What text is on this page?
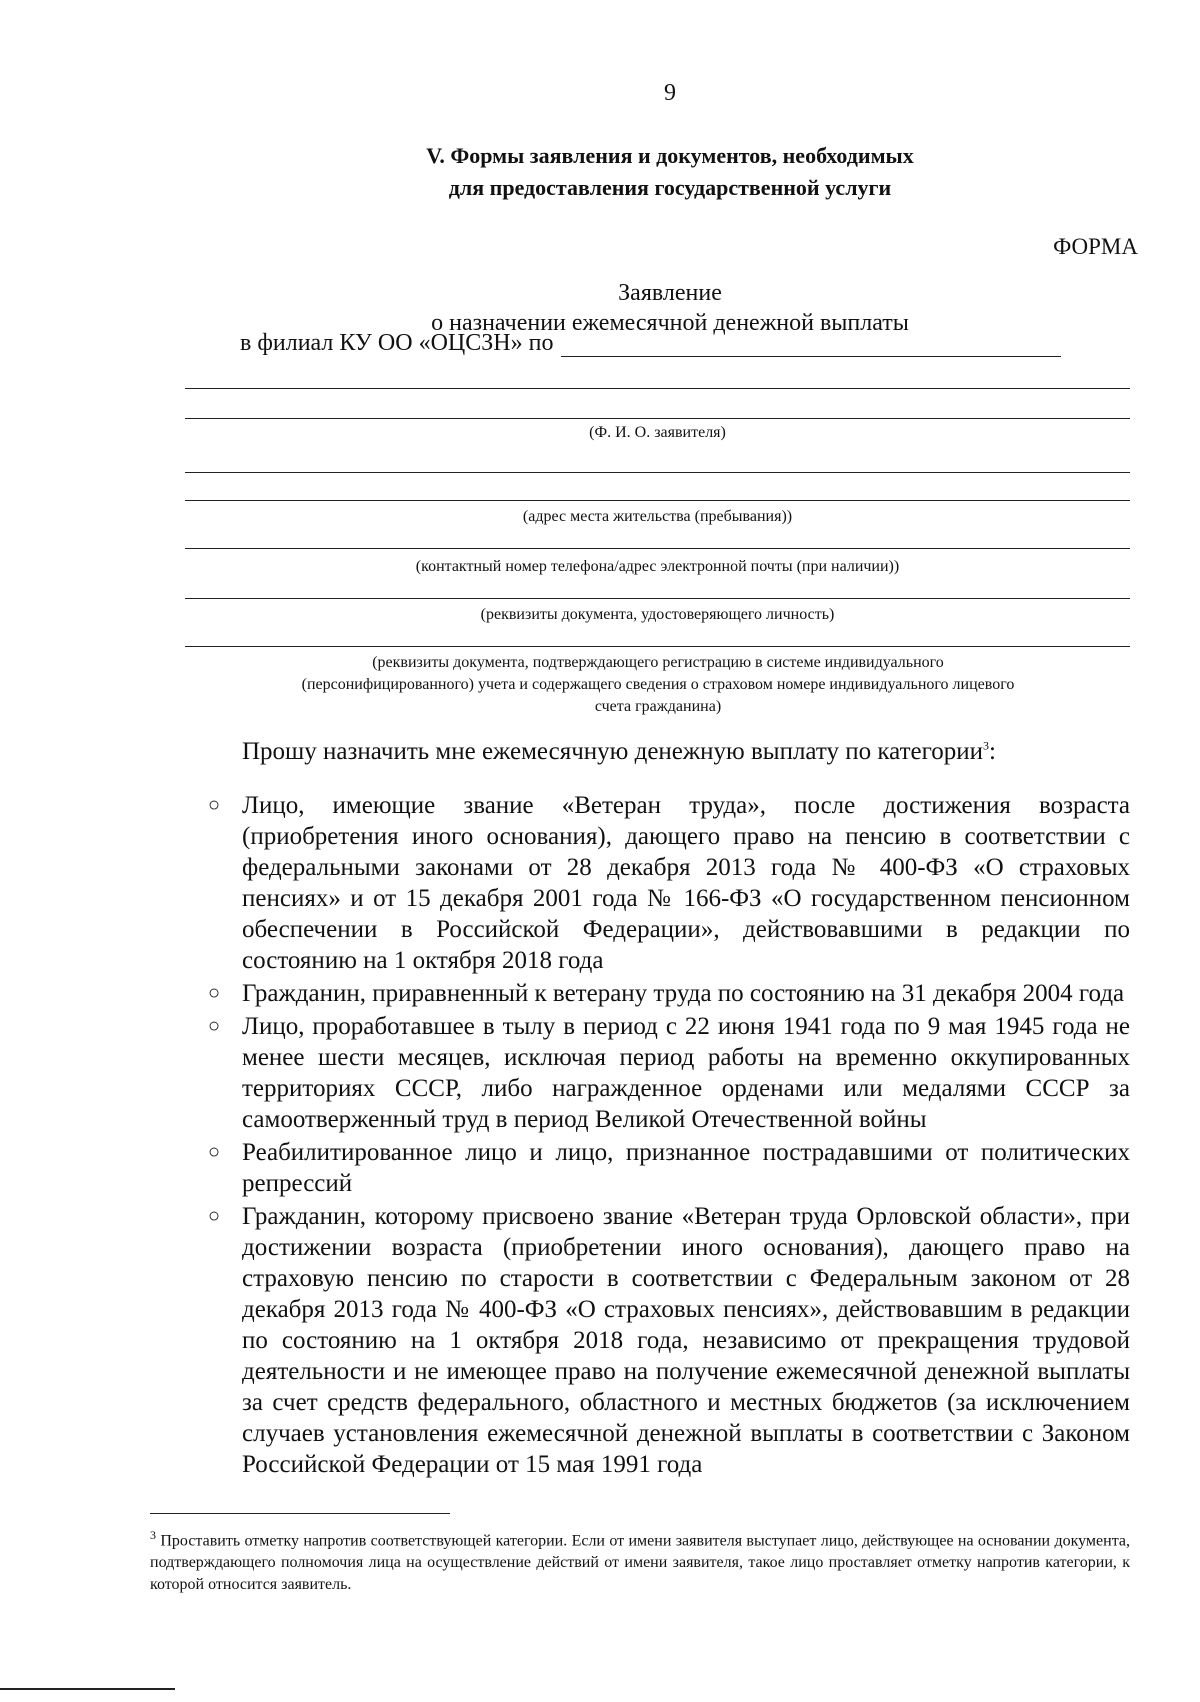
9
V. Формы заявления и документов, необходимых
для предоставления государственной услуги
ФОРМА
Заявление
о назначении ежемесячной денежной выплаты
в филиал КУ ОО «ОЦСЗН» по
(Ф. И. О. заявителя)
(адрес места жительства (пребывания))
(контактный номер телефона/адрес электронной почты (при наличии))
(реквизиты документа, удостоверяющего личность)
(реквизиты документа, подтверждающего регистрацию в системе индивидуального
(персонифицированного) учета и содержащего сведения о страховом номере индивидуального лицевого
счета гражданина)
Прошу назначить мне ежемесячную денежную выплату по категории$^3$:
○ Лицо, имеющие звание «Ветеран труда», после достижения возраста (приобретения иного основания), дающего право на пенсию в соответствии с федеральными законами от 28 декабря 2013 года № 400-ФЗ «О страховых пенсиях» и от 15 декабря 2001 года № 166-ФЗ «О государственном пенсионном обеспечении в Российской Федерации», действовавшими в редакции по состоянию на 1 октября 2018 года
○ Гражданин, приравненный к ветерану труда по состоянию на 31 декабря 2004 года
○ Лицо, проработавшее в тылу в период с 22 июня 1941 года по 9 мая 1945 года не менее шести месяцев, исключая период работы на временно оккупированных территориях СССР, либо награжденное орденами или медалями СССР за самоотверженный труд в период Великой Отечественной войны
○ Реабилитированное лицо и лицо, признанное пострадавшими от политических репрессий
○ Гражданин, которому присвоено звание «Ветеран труда Орловской области», при достижении возраста (приобретении иного основания), дающего право на страховую пенсию по старости в соответствии с Федеральным законом от 28 декабря 2013 года № 400-ФЗ «О страховых пенсиях», действовавшим в редакции по состоянию на 1 октября 2018 года, независимо от прекращения трудовой деятельности и не имеющее право на получение ежемесячной денежной выплаты за счет средств федерального, областного и местных бюджетов (за исключением случаев установления ежемесячной денежной выплаты в соответствии с Законом Российской Федерации от 15 мая 1991 года
$^3$ Проставить отметку напротив соответствующей категории. Если от имени заявителя выступает лицо, действующее на основании документа, подтверждающего полномочия лица на осуществление действий от имени заявителя, такое лицо проставляет отметку напротив категории, к которой относится заявитель.
